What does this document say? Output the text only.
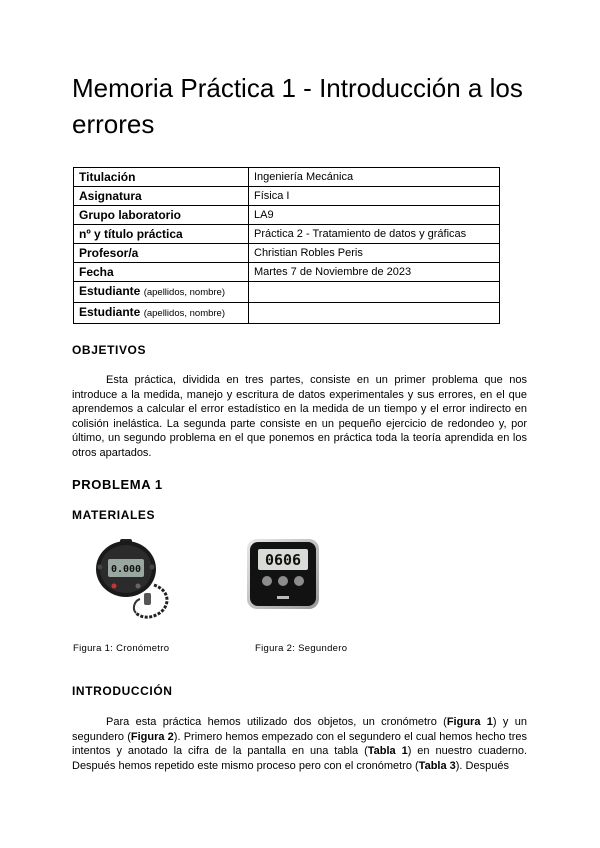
Memoria Práctica 1 - Introducción a los errores
Titulación	Ingeniería Mecánica
Asignatura	Física I
Grupo laboratorio	LA9
nº y título práctica	Práctica 2 - Tratamiento de datos y gráficas
Profesor/a	Christian Robles Peris
Fecha	Martes 7 de Noviembre de 2023
Estudiante (apellidos, nombre)	
Estudiante (apellidos, nombre)	
OBJETIVOS

Esta práctica, dividida en tres partes, consiste en un primer problema que nos introduce a la medida, manejo y escritura de datos experimentales y sus errores, en el que aprendemos a calcular el error estadístico en la medida de un tiempo y el error indirecto en colisión inelástica. La segunda parte consiste en un pequeño ejercicio de redondeo y, por último, un segundo problema en el que ponemos en práctica toda la teoría aprendida en los otros apartados.

PROBLEMA 1
MATERIALES
0.000
0606
Figura 1: Cronómetro	Figura 2: Segundero
INTRODUCCIÓN

Para esta práctica hemos utilizado dos objetos, un cronómetro (Figura 1) y un segundero (Figura 2). Primero hemos empezado con el segundero el cual hemos hecho tres intentos y anotado la cifra de la pantalla en una tabla (Tabla 1) en nuestro cuaderno. Después hemos repetido este mismo proceso pero con el cronómetro (Tabla 3). Después
